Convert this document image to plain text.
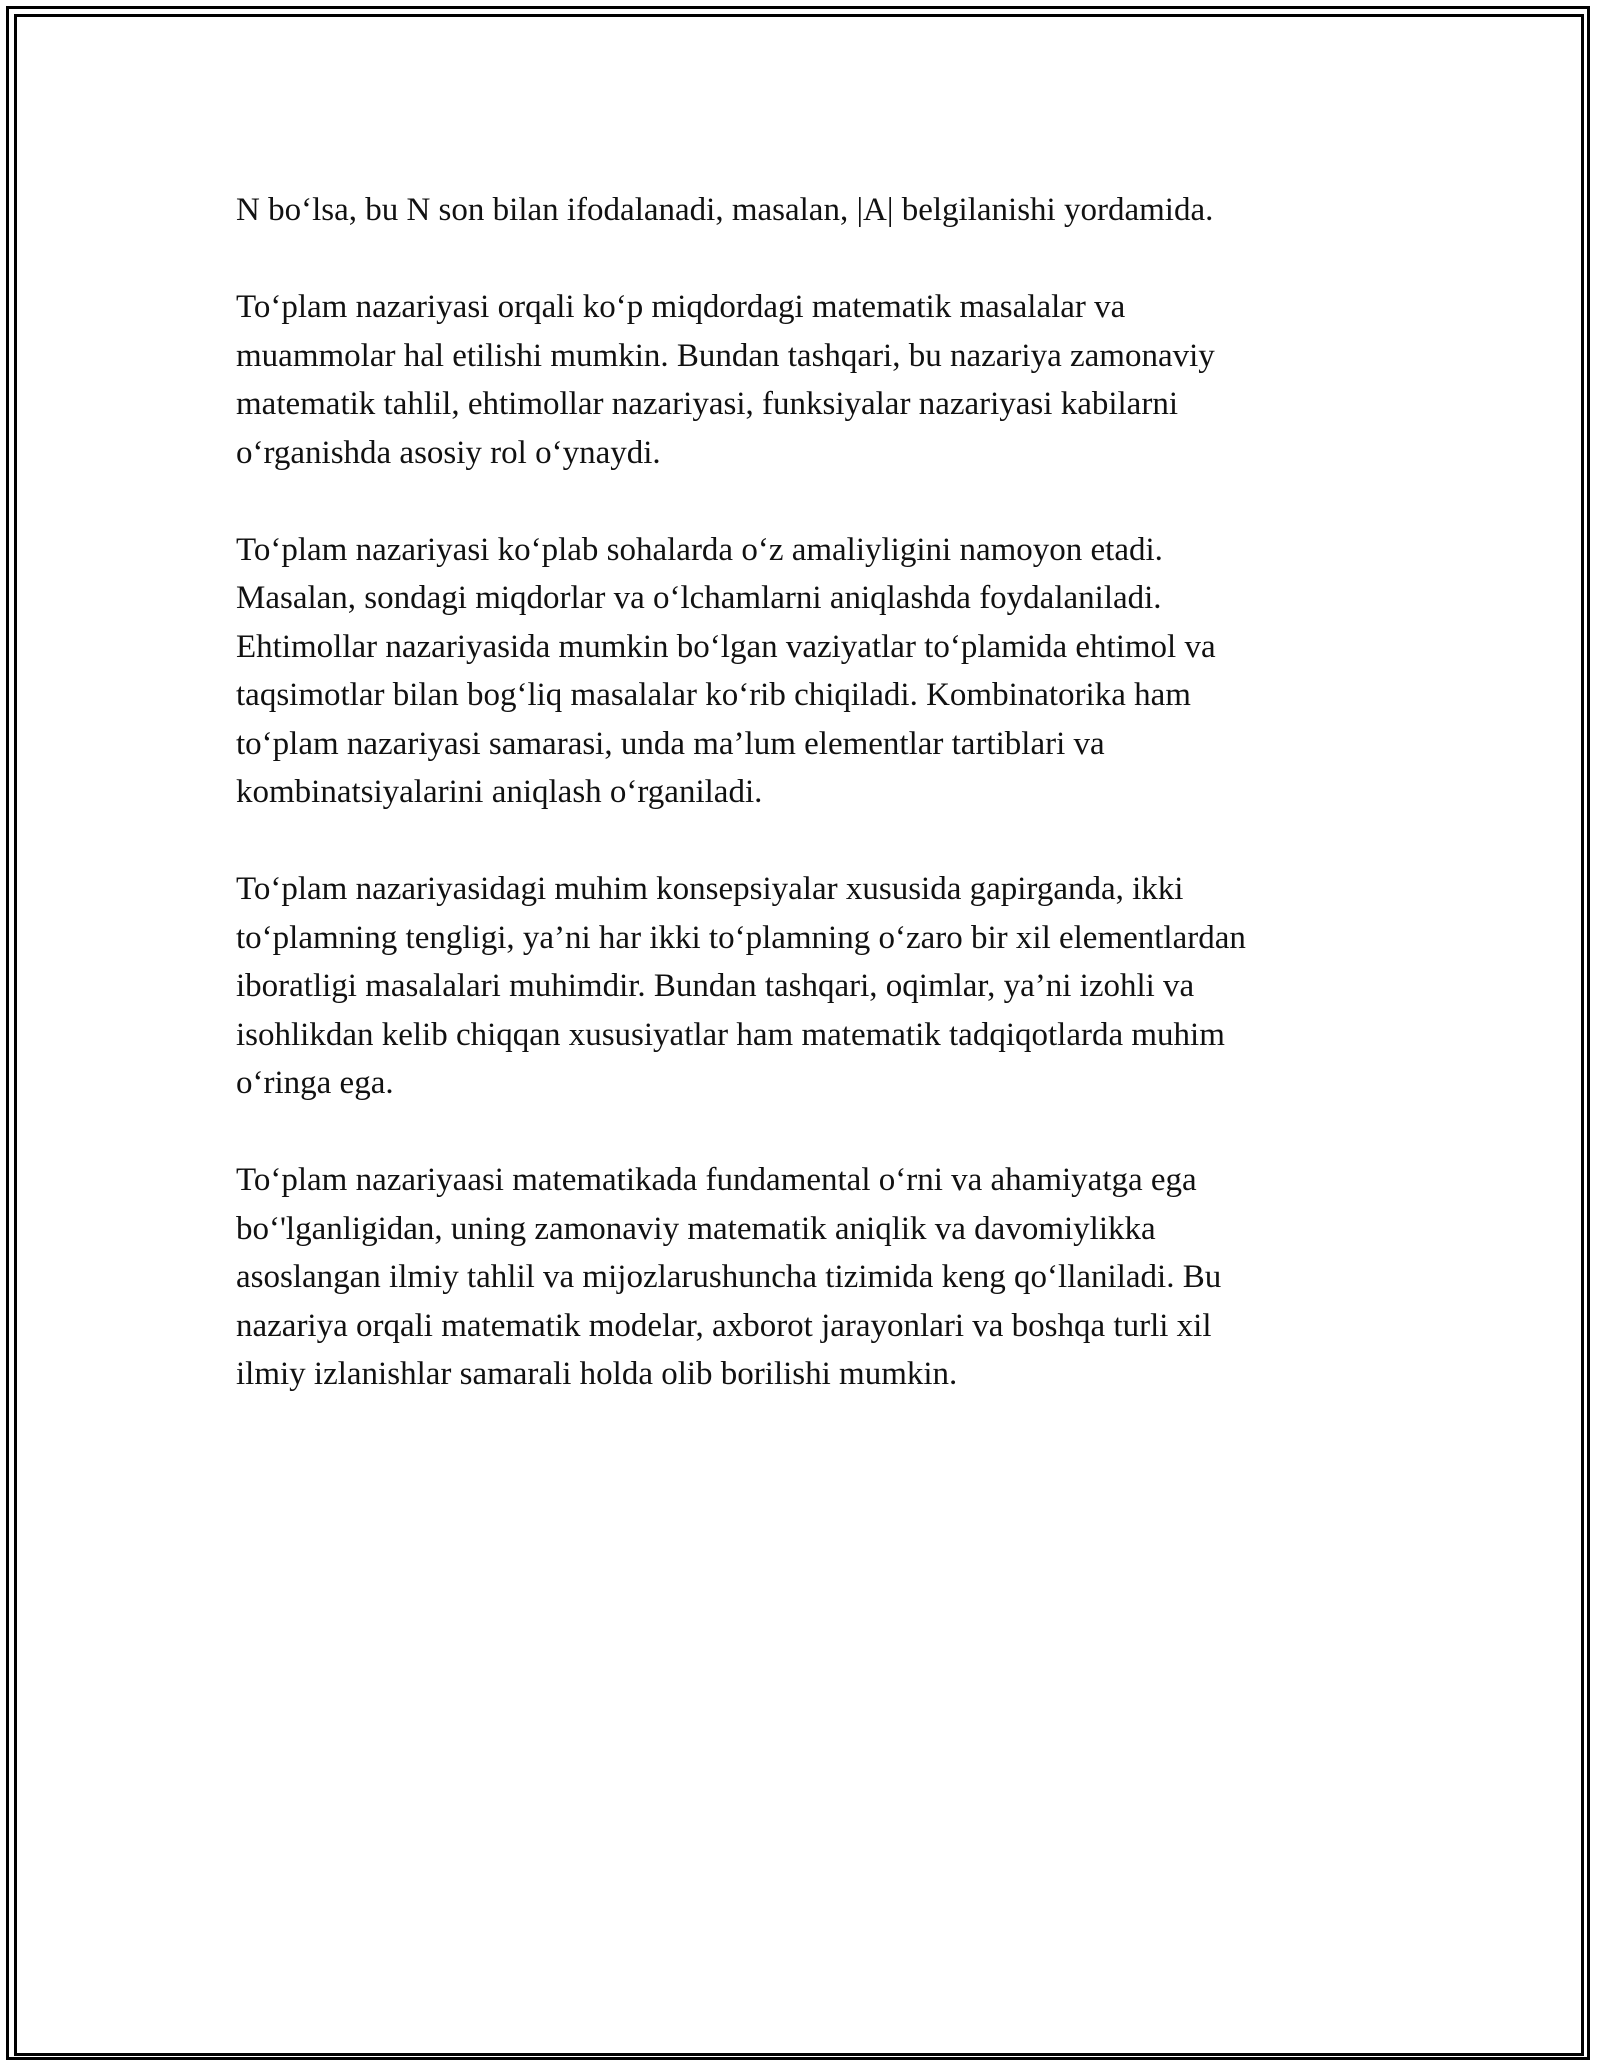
N bo‘lsa, bu N son bilan ifodalanadi, masalan, |A| belgilanishi yordamida.

To‘plam nazariyasi orqali ko‘p miqdordagi matematik masalalar va
muammolar hal etilishi mumkin. Bundan tashqari, bu nazariya zamonaviy
matematik tahlil, ehtimollar nazariyasi, funksiyalar nazariyasi kabilarni
o‘rganishda asosiy rol o‘ynaydi.

To‘plam nazariyasi ko‘plab sohalarda o‘z amaliyligini namoyon etadi.
Masalan, sondagi miqdorlar va o‘lchamlarni aniqlashda foydalaniladi.
Ehtimollar nazariyasida mumkin bo‘lgan vaziyatlar to‘plamida ehtimol va
taqsimotlar bilan bog‘liq masalalar ko‘rib chiqiladi. Kombinatorika ham
to‘plam nazariyasi samarasi, unda ma’lum elementlar tartiblari va
kombinatsiyalarini aniqlash o‘rganiladi.

To‘plam nazariyasidagi muhim konsepsiyalar xususida gapirganda, ikki
to‘plamning tengligi, ya’ni har ikki to‘plamning o‘zaro bir xil elementlardan
iboratligi masalalari muhimdir. Bundan tashqari, oqimlar, ya’ni izohli va
isohlikdan kelib chiqqan xususiyatlar ham matematik tadqiqotlarda muhim
o‘ringa ega.

To‘plam nazariyaasi matematikada fundamental o‘rni va ahamiyatga ega
bo‘'lganligidan, uning zamonaviy matematik aniqlik va davomiylikka
asoslangan ilmiy tahlil va mijozlarushuncha tizimida keng qo‘llaniladi. Bu
nazariya orqali matematik modelar, axborot jarayonlari va boshqa turli xil
ilmiy izlanishlar samarali holda olib borilishi mumkin.
